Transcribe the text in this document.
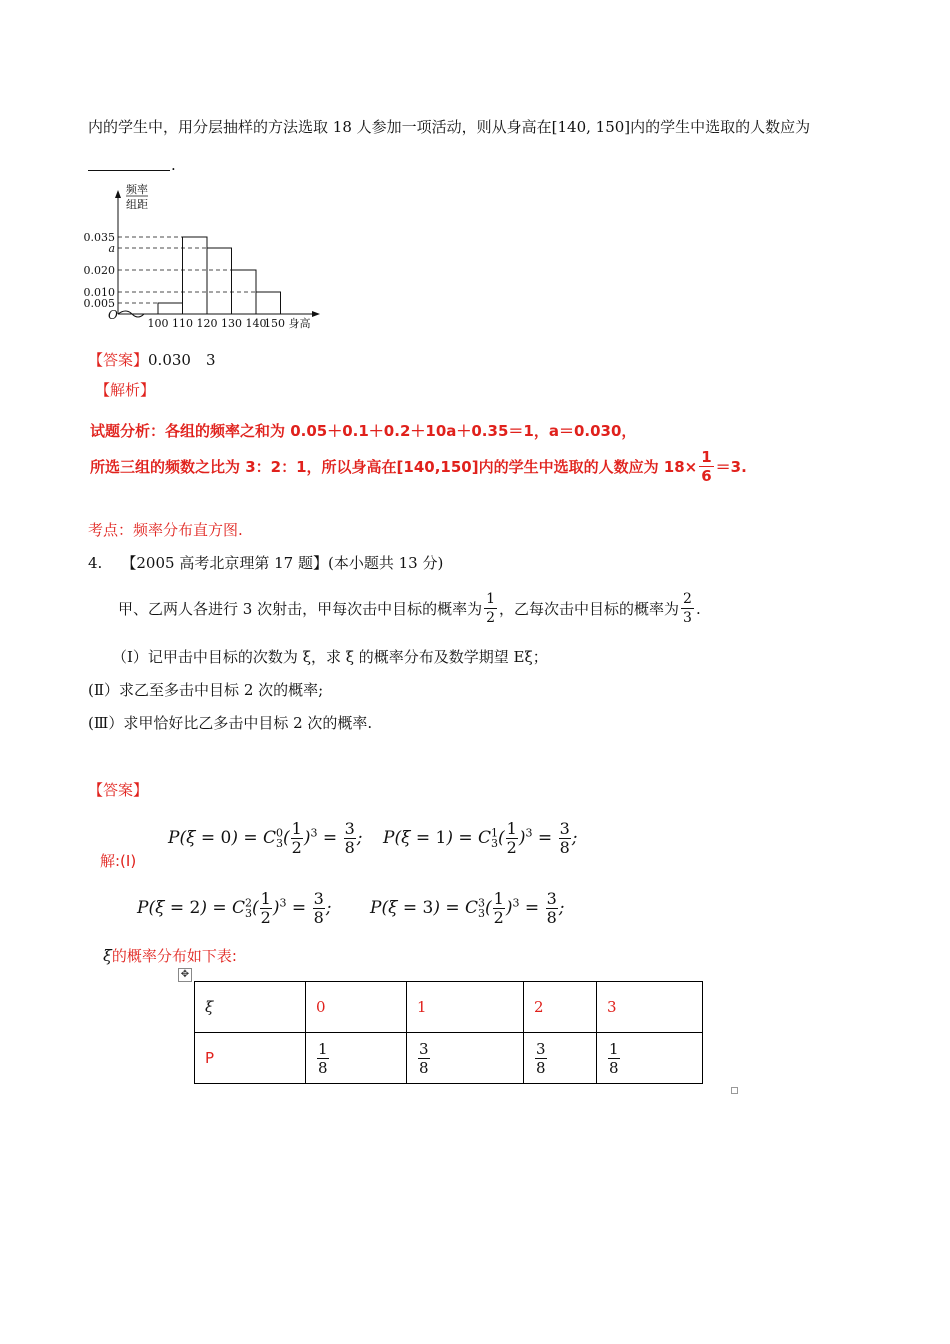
内的学生中，用分层抽样的方法选取 18 人参加一项活动，则从身高在[140, 150]内的学生中选取的人数应为
.
频率
组距
0.035
a
0.020
0.010
0.005
100 110 120 130 140
150 身高
O
【答案】0.030　3
【解析】
试题分析：各组的频率之和为 0.05＋0.1＋0.2＋10a＋0.35＝1，a＝0.030，
所选三组的频数之比为 3：2：1，所以身高在[140,150]内的学生中选取的人数应为 $18\times \frac{1}{6} =3$.
考点：频率分布直方图.
4. 【2005 高考北京理第 17 题】(本小题共 13 分)
甲、乙两人各进行 3 次射击，甲每次击中目标的概率为 $\frac{1}{2}$ ，乙每次击中目标的概率为 $\frac{2}{3}$ .
（Ⅰ）记甲击中目标的次数为 ξ，求 ξ 的概率分布及数学期望 Eξ；
(Ⅱ）求乙至多击中目标 2 次的概率;
(Ⅲ）求甲恰好比乙多击中目标 2 次的概率.
【答案】
解:(I)
$P(\xi = 0) = C^0_3( \frac{1}{2} )^3 = \frac{3}{8}$ ; $P(\xi = 1) = C^1_3( \frac{1}{2} )^3 = \frac{3}{8}$ ;
$P(\xi = 2) = C^2_3( \frac{1}{2} )^3 = \frac{3}{8}$ ; $P(\xi = 3) = C^3_3( \frac{1}{2} )^3 = \frac{3}{8}$ ;
ξ的概率分布如下表:
✥
ξ	0	1	2	3
P	$\frac{1}{8}$	$\frac{3}{8}$	$\frac{3}{8}$	$\frac{1}{8}$
